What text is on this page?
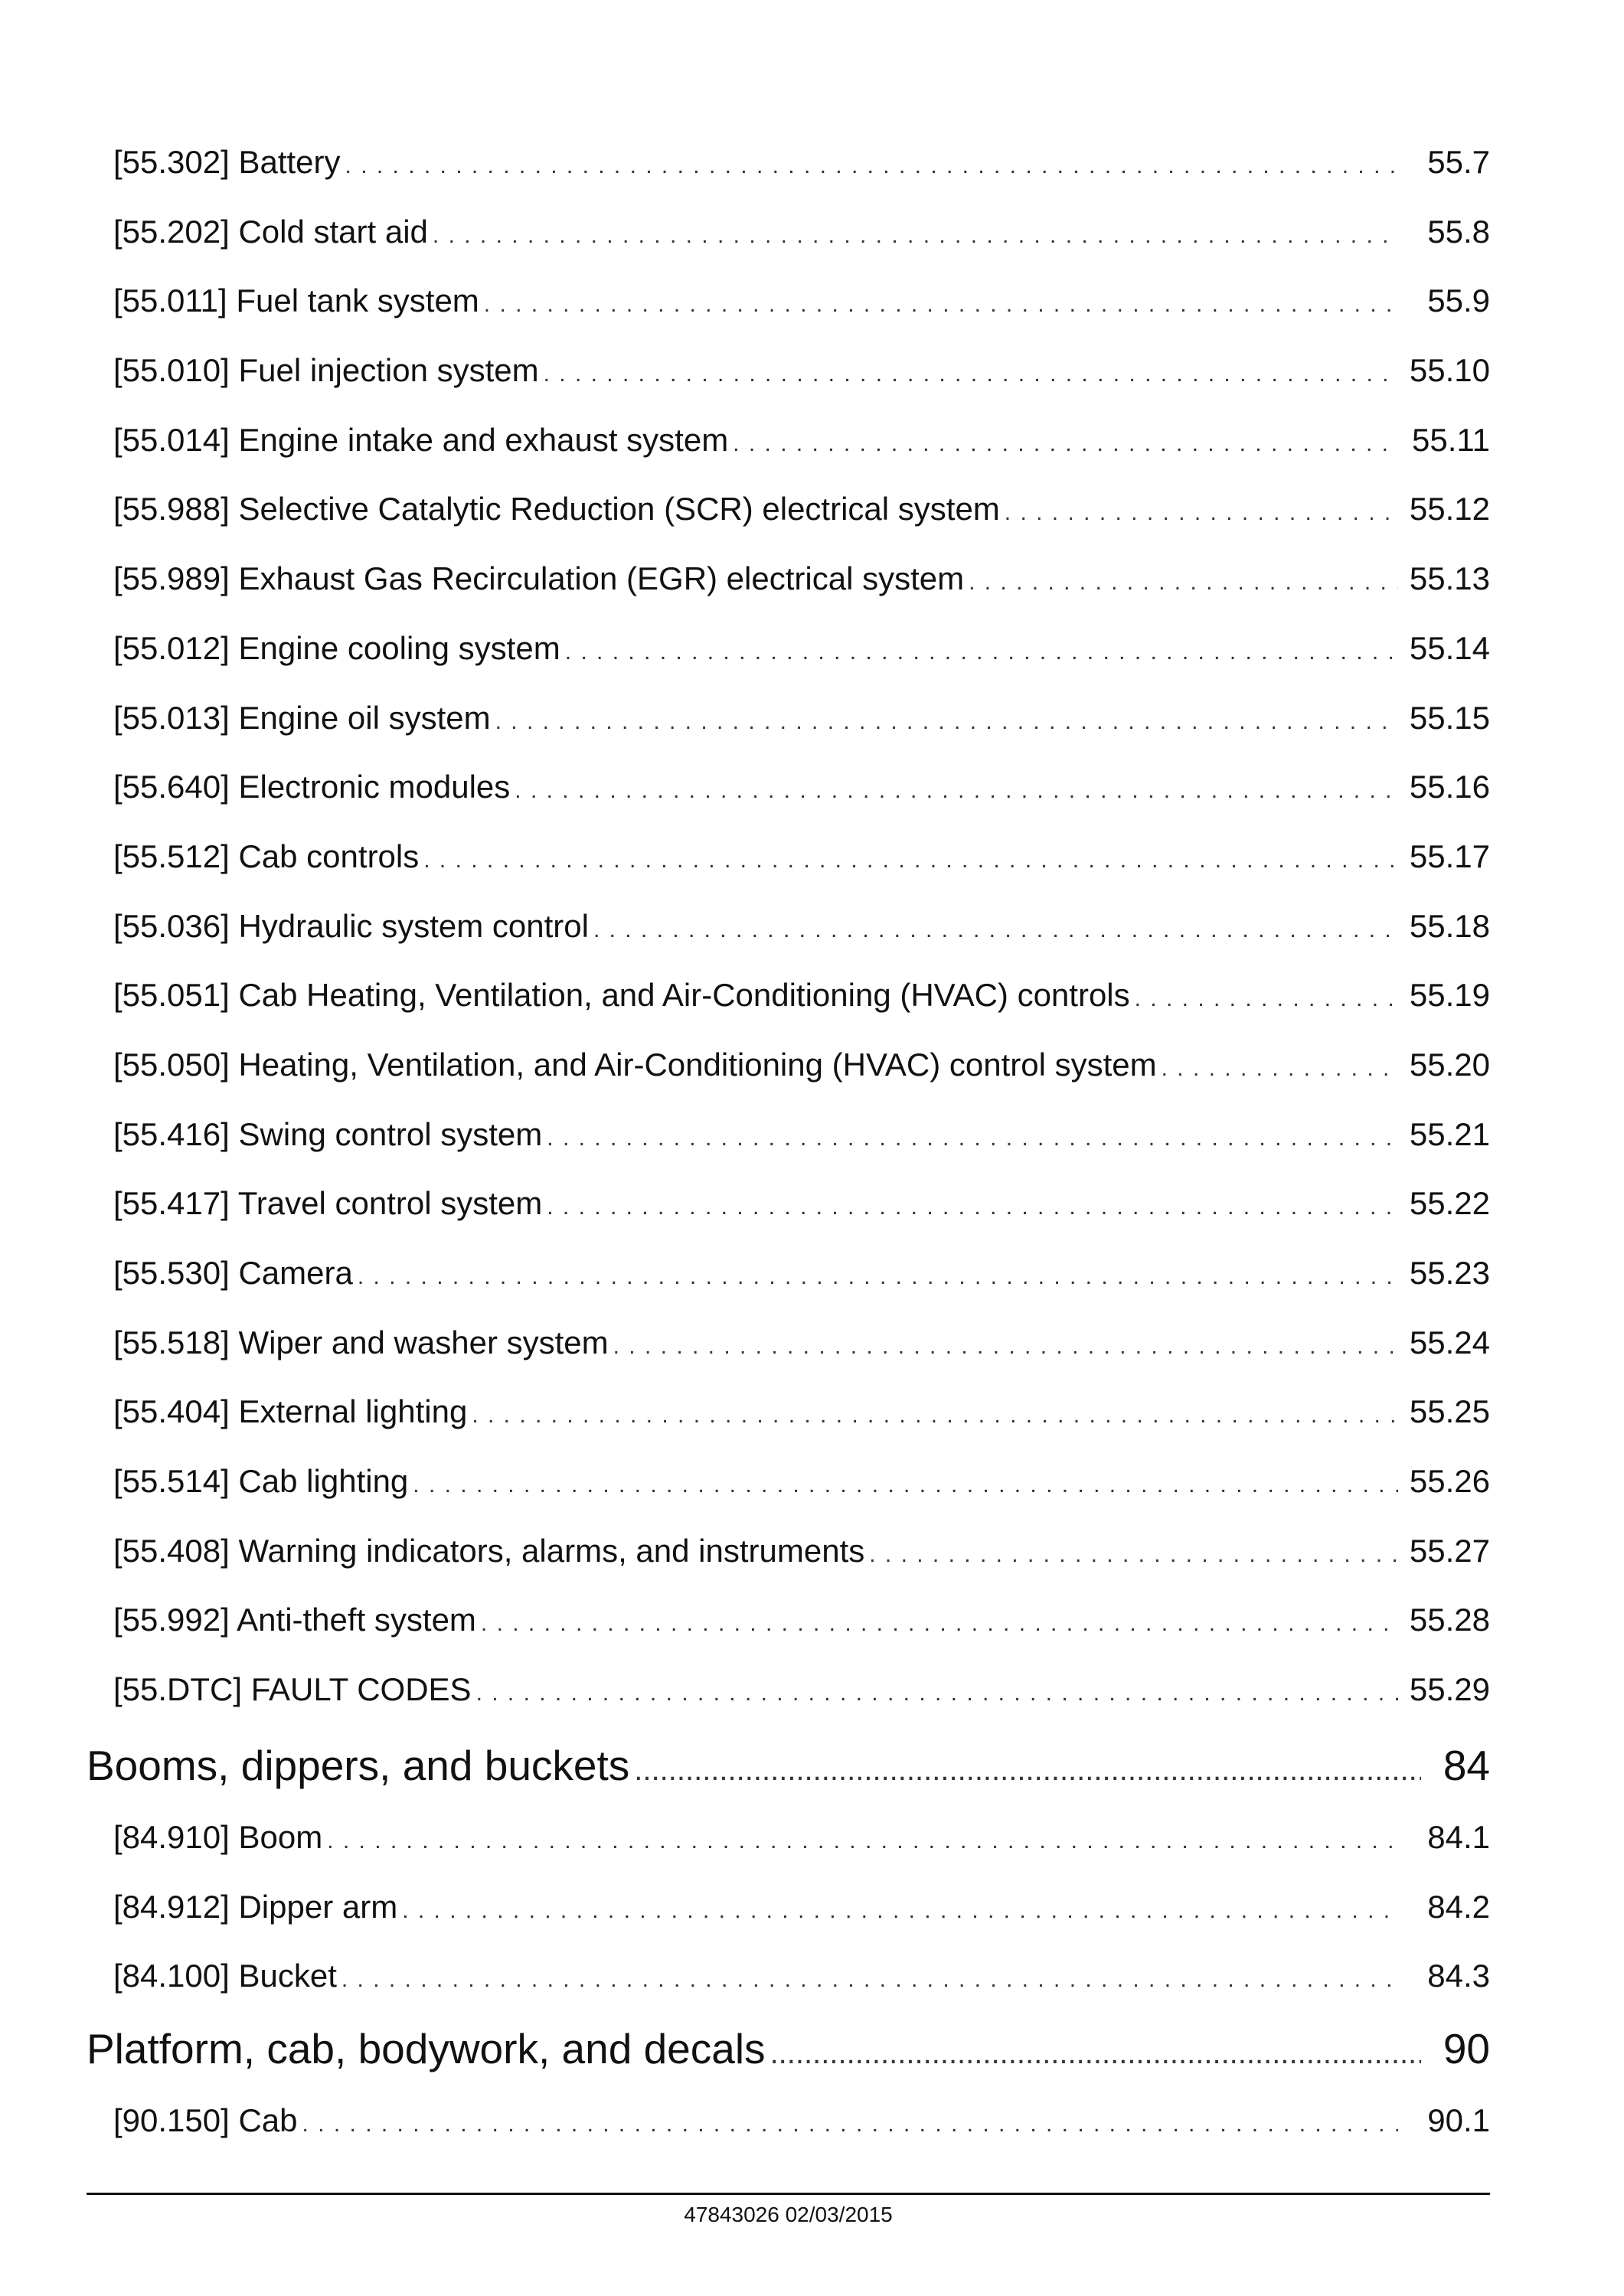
[55.302] Battery . . .	55.7
[55.202] Cold start aid . . .	55.8
[55.011] Fuel tank system . . .	55.9
[55.010] Fuel injection system . . .	55.10
[55.014] Engine intake and exhaust system . . .	55.11
[55.988] Selective Catalytic Reduction (SCR) electrical system . . .	55.12
[55.989] Exhaust Gas Recirculation (EGR) electrical system . . .	55.13
[55.012] Engine cooling system . . .	55.14
[55.013] Engine oil system . . .	55.15
[55.640] Electronic modules . . .	55.16
[55.512] Cab controls . . .	55.17
[55.036] Hydraulic system control . . .	55.18
[55.051] Cab Heating, Ventilation, and Air-Conditioning (HVAC) controls . . .	55.19
[55.050] Heating, Ventilation, and Air-Conditioning (HVAC) control system . . .	55.20
[55.416] Swing control system . . .	55.21
[55.417] Travel control system . . .	55.22
[55.530] Camera . . .	55.23
[55.518] Wiper and washer system . . .	55.24
[55.404] External lighting . . .	55.25
[55.514] Cab lighting . . .	55.26
[55.408] Warning indicators, alarms, and instruments . . .	55.27
[55.992] Anti-theft system . . .	55.28
[55.DTC] FAULT CODES . . .	55.29
Booms, dippers, and buckets .....	84
[84.910] Boom . . .	84.1
[84.912] Dipper arm . . .	84.2
[84.100] Bucket . . .	84.3
Platform, cab, bodywork, and decals .....	90
[90.150] Cab . . .	90.1
47843026 02/03/2015
